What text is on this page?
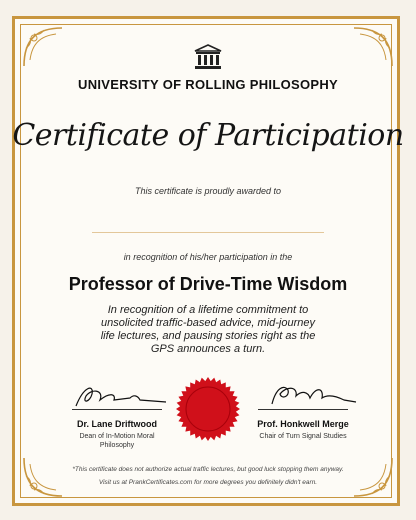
UNIVERSITY OF ROLLING PHILOSOPHY
Certificate of Participation
This certificate is proudly awarded to
in recognition of his/her participation in the
Professor of Drive-Time Wisdom
In recognition of a lifetime commitment to unsolicited traffic-based advice, mid-journey life lectures, and pausing stories right as the GPS announces a turn.
Dr. Lane Driftwood
Dean of In-Motion Moral Philosophy
Prof. Honkwell Merge
Chair of Turn Signal Studies
*This certificate does not authorize actual traffic lectures, but good luck stopping them anyway.
Visit us at PrankCertificates.com for more degrees you definitely didn't earn.
